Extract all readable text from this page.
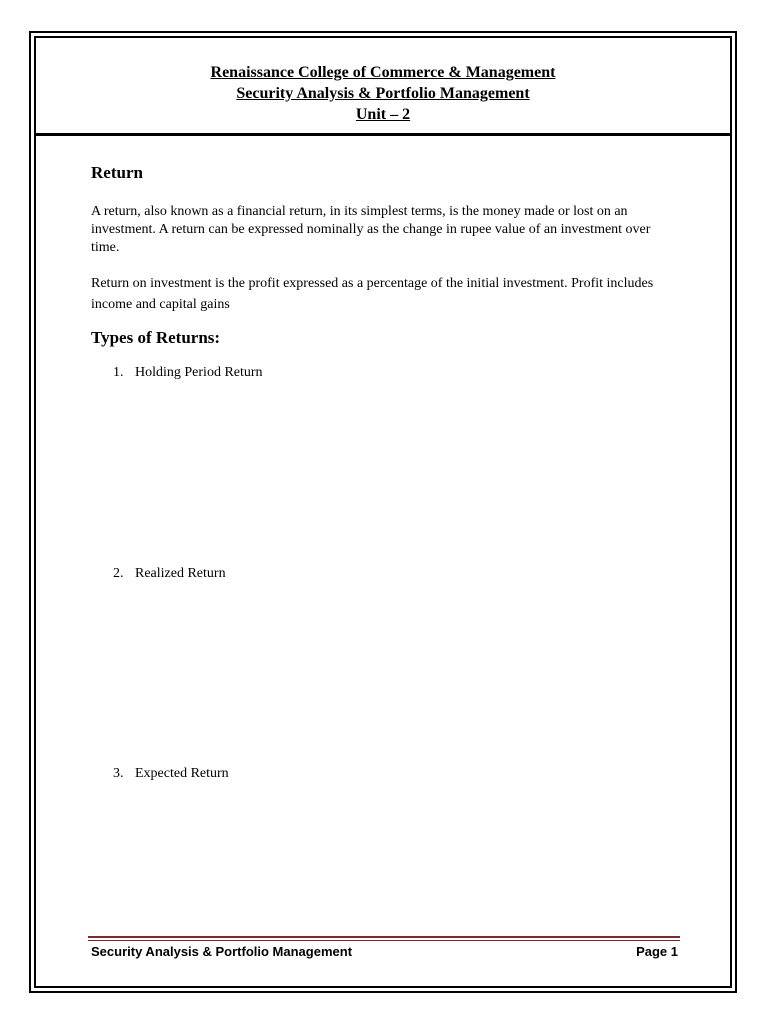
Renaissance College of Commerce & Management
Security Analysis & Portfolio Management
Unit – 2
Return
A return, also known as a financial return, in its simplest terms, is the money made or lost on an investment. A return can be expressed nominally as the change in rupee value of an investment over time.
Return on investment is the profit expressed as a percentage of the initial investment. Profit includes income and capital gains
Types of Returns:
1. Holding Period Return
2. Realized Return
3. Expected Return
Security Analysis & Portfolio Management	Page 1
